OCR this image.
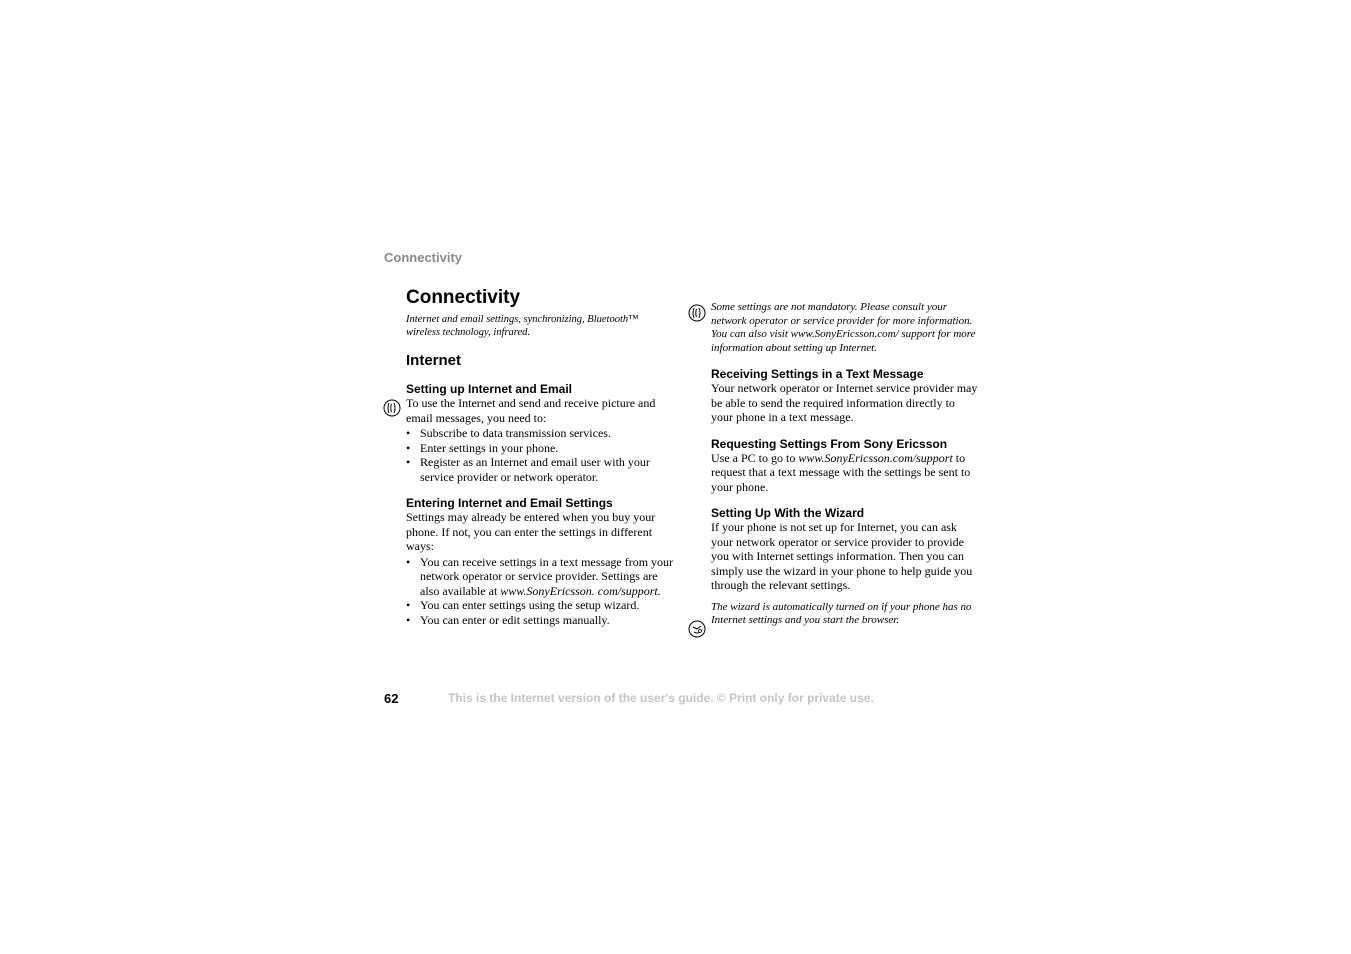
Connectivity
Connectivity

Internet and email settings, synchronizing, Bluetooth™ wireless technology, infrared.

Internet
Setting up Internet and Email

To use the Internet and send and receive picture and email messages, you need to:

• Subscribe to data transmission services.
• Enter settings in your phone.
• Register as an Internet and email user with your service provider or network operator.
Entering Internet and Email Settings

Settings may already be entered when you buy your phone. If not, you can enter the settings in different ways:

• You can receive settings in a text message from your network operator or service provider. Settings are also available at www.SonyEricsson. com/support.
• You can enter settings using the setup wizard.
• You can enter or edit settings manually.

Some settings are not mandatory. Please consult your network operator or service provider for more information. You can also visit www.SonyEricsson.com/ support for more information about setting up Internet.

Receiving Settings in a Text Message

Your network operator or Internet service provider may be able to send the required information directly to your phone in a text message.

Requesting Settings From Sony Ericsson

Use a PC to go to www.SonyEricsson.com/support to request that a text message with the settings be sent to your phone.

Setting Up With the Wizard

If your phone is not set up for Internet, you can ask your network operator or service provider to provide you with Internet settings information. Then you can simply use the wizard in your phone to help guide you through the relevant settings.

The wizard is automatically turned on if your phone has no Internet settings and you start the browser.

62	This is the Internet version of the user's guide. © Print only for private use.
